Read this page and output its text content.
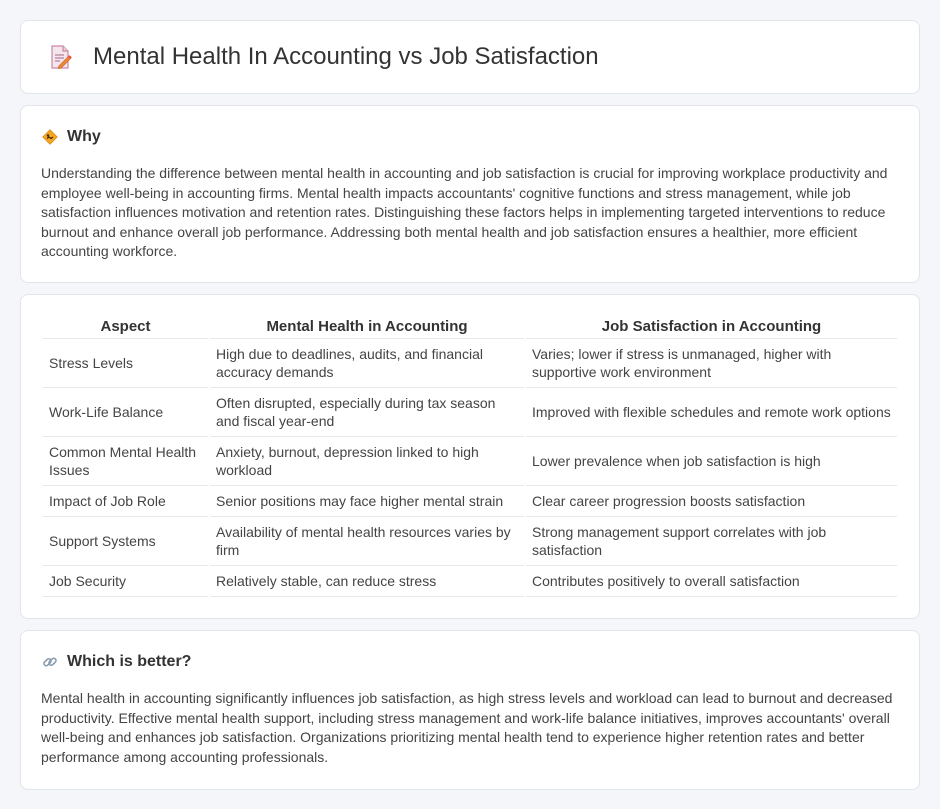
Mental Health In Accounting vs Job Satisfaction
Why

Understanding the difference between mental health in accounting and job satisfaction is crucial for improving workplace productivity and employee well-being in accounting firms. Mental health impacts accountants' cognitive functions and stress management, while job satisfaction influences motivation and retention rates. Distinguishing these factors helps in implementing targeted interventions to reduce burnout and enhance overall job performance. Addressing both mental health and job satisfaction ensures a healthier, more efficient accounting workforce.

Aspect	Mental Health in Accounting	Job Satisfaction in Accounting
Stress Levels	High due to deadlines, audits, and financial accuracy demands	Varies; lower if stress is unmanaged, higher with supportive work environment
Work-Life Balance	Often disrupted, especially during tax season and fiscal year-end	Improved with flexible schedules and remote work options
Common Mental Health Issues	Anxiety, burnout, depression linked to high workload	Lower prevalence when job satisfaction is high
Impact of Job Role	Senior positions may face higher mental strain	Clear career progression boosts satisfaction
Support Systems	Availability of mental health resources varies by firm	Strong management support correlates with job satisfaction
Job Security	Relatively stable, can reduce stress	Contributes positively to overall satisfaction
Which is better?

Mental health in accounting significantly influences job satisfaction, as high stress levels and workload can lead to burnout and decreased productivity. Effective mental health support, including stress management and work-life balance initiatives, improves accountants' overall well-being and enhances job satisfaction. Organizations prioritizing mental health tend to experience higher retention rates and better performance among accounting professionals.
